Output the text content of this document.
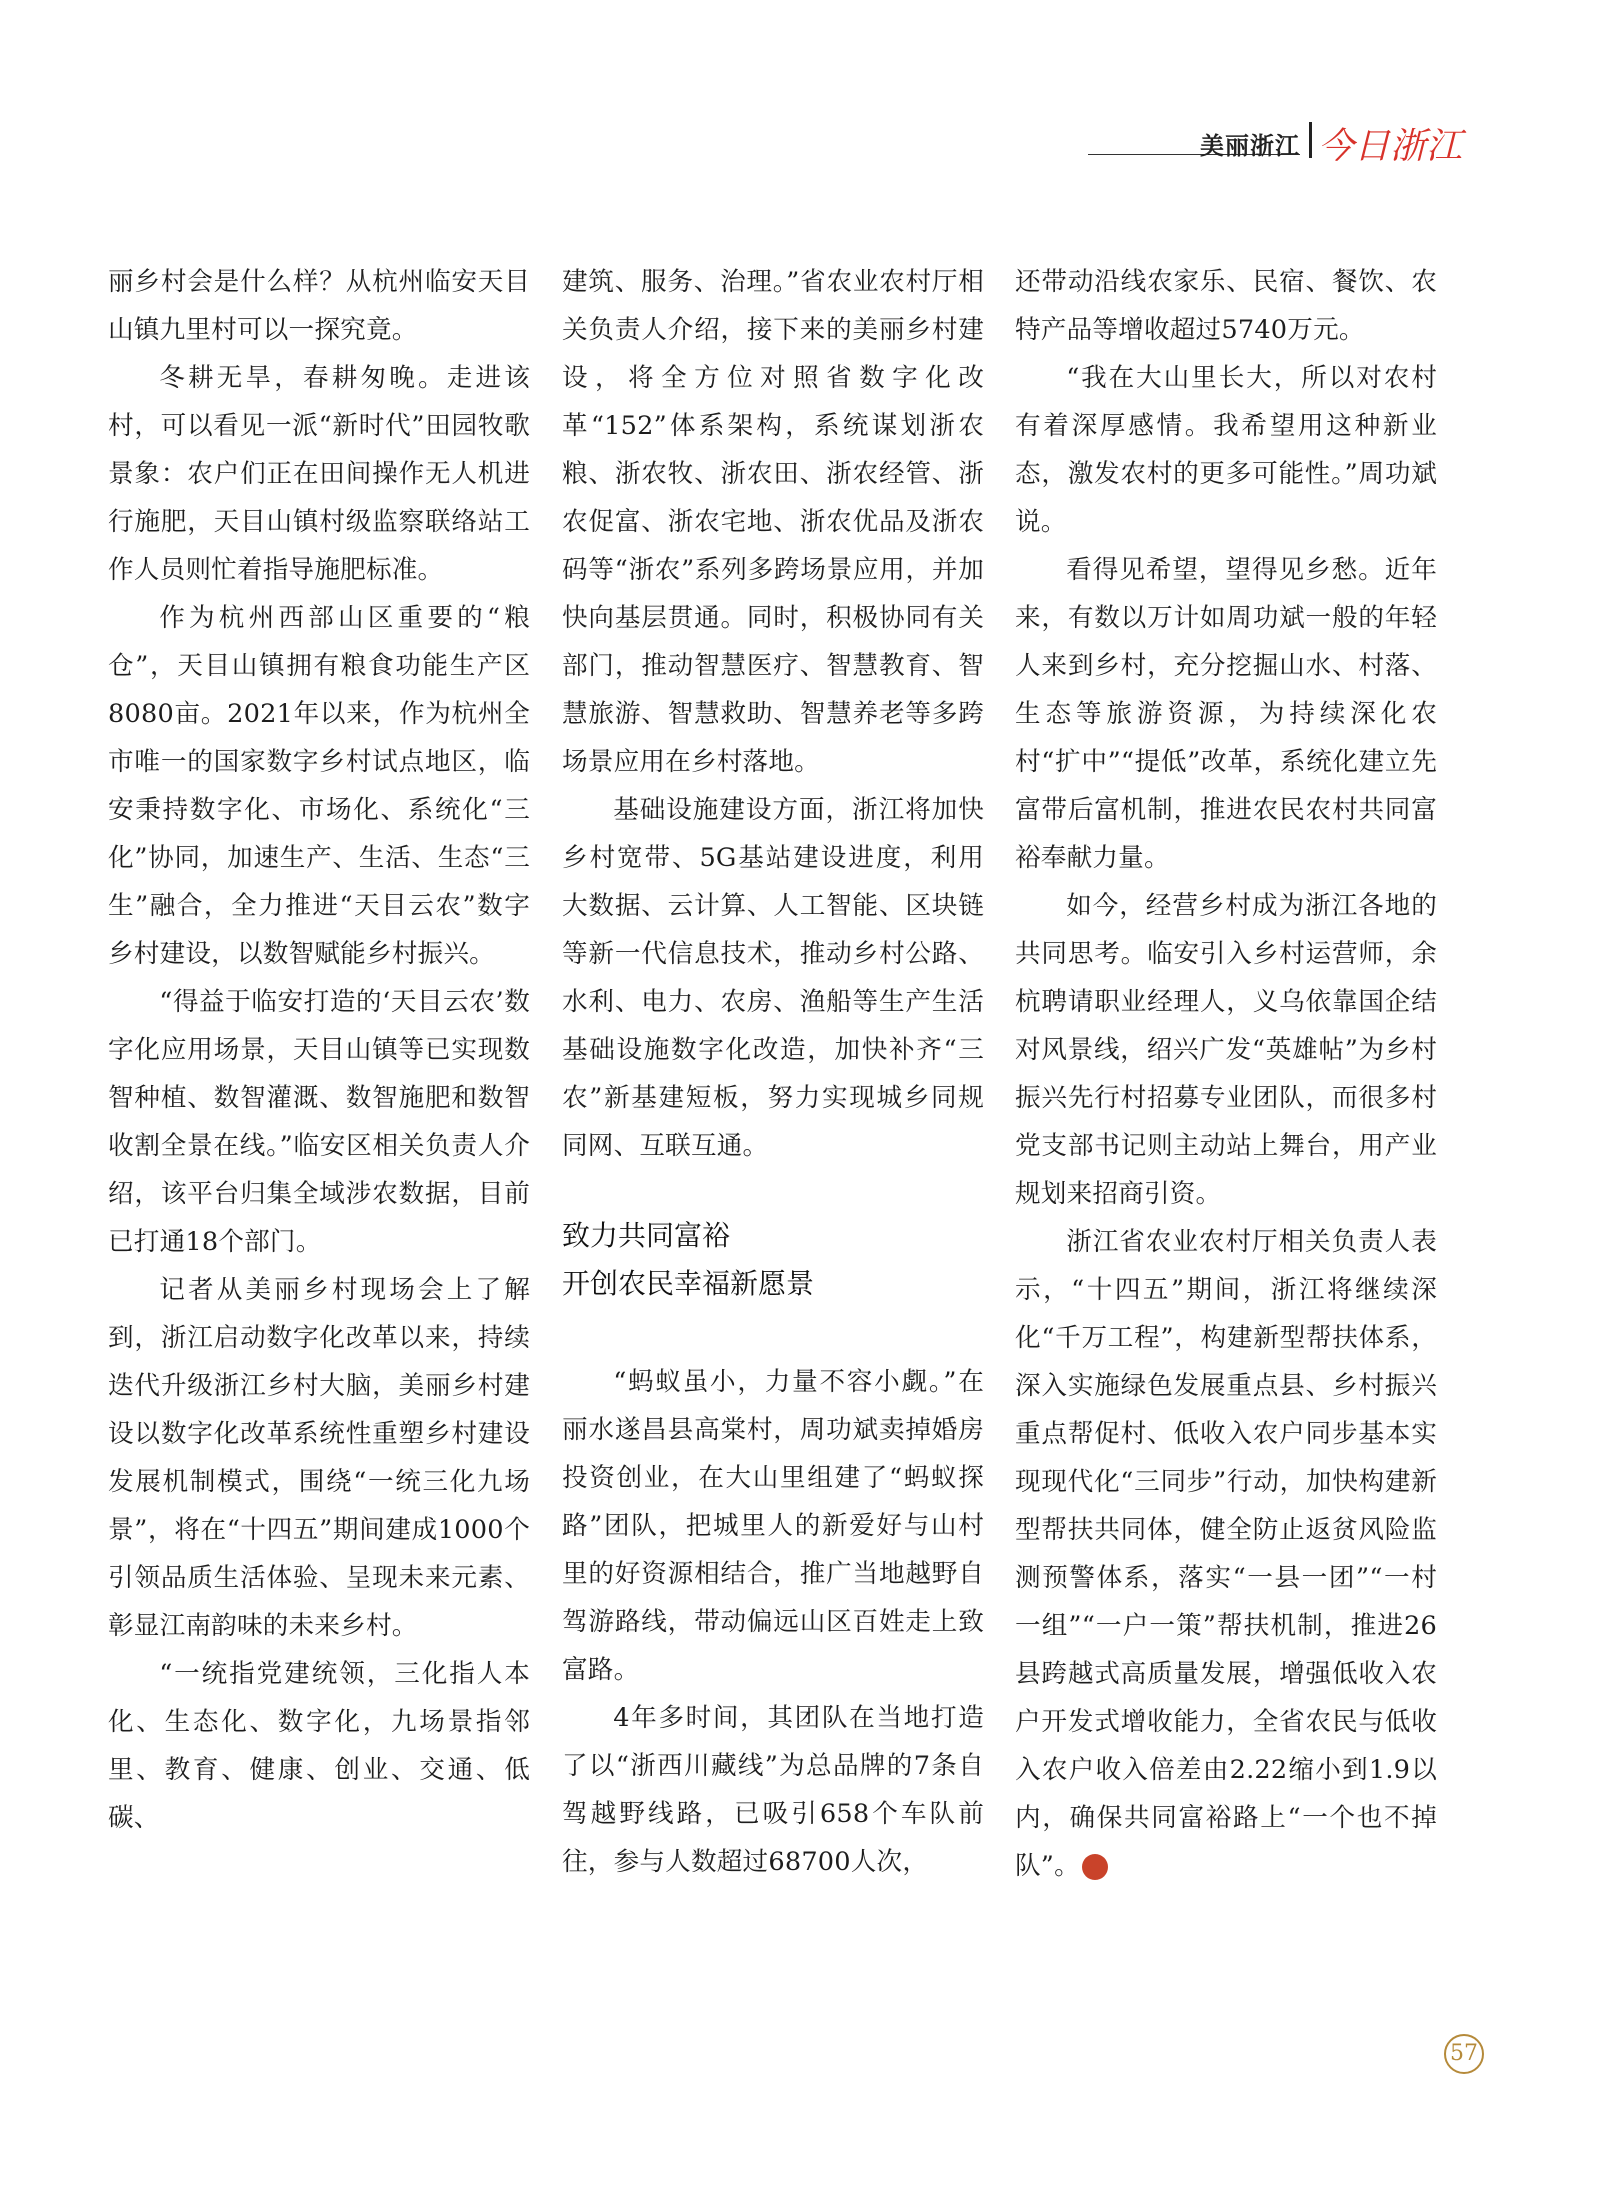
美丽浙江 今日浙江

丽乡村会是什么样？从杭州临安天目山镇九里村可以一探究竟。

冬耕无旱，春耕匆晚。走进该村，可以看见一派“新时代”田园牧歌景象：农户们正在田间操作无人机进行施肥，天目山镇村级监察联络站工作人员则忙着指导施肥标准。

作为杭州西部山区重要的“粮仓”，天目山镇拥有粮食功能生产区8080亩。2021年以来，作为杭州全市唯一的国家数字乡村试点地区，临安秉持数字化、市场化、系统化“三化”协同，加速生产、生活、生态“三生”融合，全力推进“天目云农”数字乡村建设，以数智赋能乡村振兴。

“得益于临安打造的‘天目云农’数字化应用场景，天目山镇等已实现数智种植、数智灌溉、数智施肥和数智收割全景在线。”临安区相关负责人介绍，该平台归集全域涉农数据，目前已打通18个部门。

记者从美丽乡村现场会上了解到，浙江启动数字化改革以来，持续迭代升级浙江乡村大脑，美丽乡村建设以数字化改革系统性重塑乡村建设发展机制模式，围绕“一统三化九场景”，将在“十四五”期间建成1000个引领品质生活体验、呈现未来元素、彰显江南韵味的未来乡村。

“一统指党建统领，三化指人本化、生态化、数字化，九场景指邻里、教育、健康、创业、交通、低碳、

建筑、服务、治理。”省农业农村厅相关负责人介绍，接下来的美丽乡村建设，将全方位对照省数字化改革“152”体系架构，系统谋划浙农粮、浙农牧、浙农田、浙农经管、浙农促富、浙农宅地、浙农优品及浙农码等“浙农”系列多跨场景应用，并加快向基层贯通。同时，积极协同有关部门，推动智慧医疗、智慧教育、智慧旅游、智慧救助、智慧养老等多跨场景应用在乡村落地。

基础设施建设方面，浙江将加快乡村宽带、5G基站建设进度，利用大数据、云计算、人工智能、区块链等新一代信息技术，推动乡村公路、水利、电力、农房、渔船等生产生活基础设施数字化改造，加快补齐“三农”新基建短板，努力实现城乡同规同网、互联互通。

致力共同富裕
开创农民幸福新愿景

“蚂蚁虽小，力量不容小觑。”在丽水遂昌县高棠村，周功斌卖掉婚房投资创业，在大山里组建了“蚂蚁探路”团队，把城里人的新爱好与山村里的好资源相结合，推广当地越野自驾游路线，带动偏远山区百姓走上致富路。

4年多时间，其团队在当地打造了以“浙西川藏线”为总品牌的7条自驾越野线路，已吸引658个车队前往，参与人数超过68700人次，

还带动沿线农家乐、民宿、餐饮、农特产品等增收超过5740万元。

“我在大山里长大，所以对农村有着深厚感情。我希望用这种新业态，激发农村的更多可能性。”周功斌说。

看得见希望，望得见乡愁。近年来，有数以万计如周功斌一般的年轻人来到乡村，充分挖掘山水、村落、生态等旅游资源，为持续深化农村“扩中”“提低”改革，系统化建立先富带后富机制，推进农民农村共同富裕奉献力量。

如今，经营乡村成为浙江各地的共同思考。临安引入乡村运营师，余杭聘请职业经理人，义乌依靠国企结对风景线，绍兴广发“英雄帖”为乡村振兴先行村招募专业团队，而很多村党支部书记则主动站上舞台，用产业规划来招商引资。

浙江省农业农村厅相关负责人表示，“十四五”期间，浙江将继续深化“千万工程”，构建新型帮扶体系，深入实施绿色发展重点县、乡村振兴重点帮促村、低收入农户同步基本实现现代化“三同步”行动，加快构建新型帮扶共同体，健全防止返贫风险监测预警体系，落实“一县一团”“一村一组”“一户一策”帮扶机制，推进26县跨越式高质量发展，增强低收入农户开发式增收能力，全省农民与低收入农户收入倍差由2.22缩小到1.9以内，确保共同富裕路上“一个也不掉队”。	今

57
